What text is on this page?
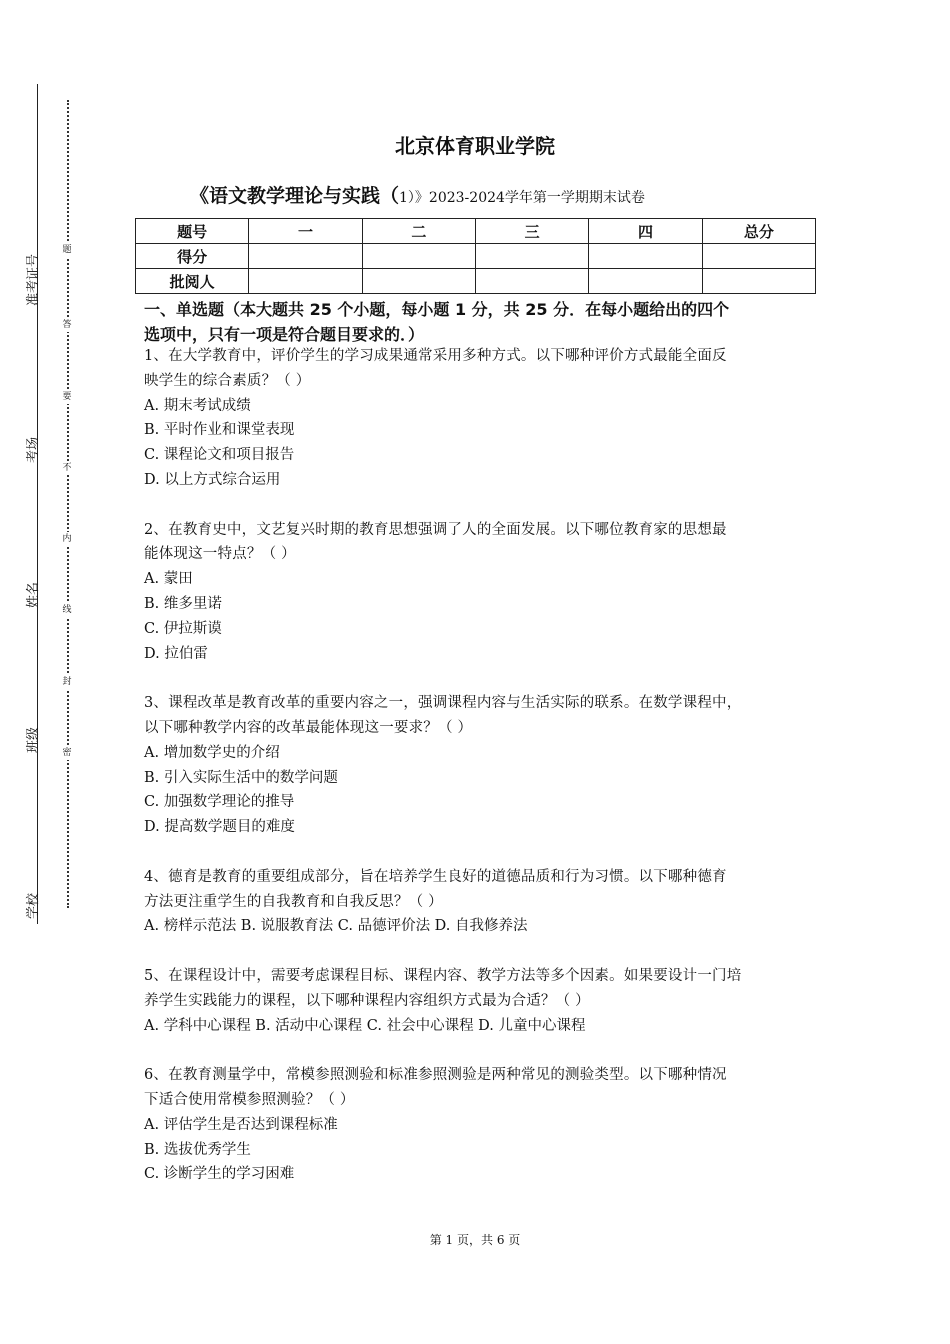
准考证号
考场
姓名
班级
学校
题
答
要
不
内
线
封
密
北京体育职业学院
《语文教学理论与实践（1）》2023-2024学年第一学期期末试卷
题号	一	二	三	四	总分
得分					
批阅人					
一、单选题（本大题共 25 个小题，每小题 1 分，共 25 分．在每小题给出的四个
选项中，只有一项是符合题目要求的．）

1、在大学教育中，评价学生的学习成果通常采用多种方式。以下哪种评价方式最能全面反

映学生的综合素质？（ ）

A. 期末考试成绩

B. 平时作业和课堂表现

C. 课程论文和项目报告

D. 以上方式综合运用

2、在教育史中，文艺复兴时期的教育思想强调了人的全面发展。以下哪位教育家的思想最

能体现这一特点？（ ）

A. 蒙田

B. 维多里诺

C. 伊拉斯谟

D. 拉伯雷

3、课程改革是教育改革的重要内容之一，强调课程内容与生活实际的联系。在数学课程中，

以下哪种教学内容的改革最能体现这一要求？（ ）

A. 增加数学史的介绍

B. 引入实际生活中的数学问题

C. 加强数学理论的推导

D. 提高数学题目的难度

4、德育是教育的重要组成部分，旨在培养学生良好的道德品质和行为习惯。以下哪种德育

方法更注重学生的自我教育和自我反思？（ ）

A. 榜样示范法 B. 说服教育法 C. 品德评价法 D. 自我修养法

5、在课程设计中，需要考虑课程目标、课程内容、教学方法等多个因素。如果要设计一门培

养学生实践能力的课程，以下哪种课程内容组织方式最为合适？（ ）

A. 学科中心课程 B. 活动中心课程 C. 社会中心课程 D. 儿童中心课程

6、在教育测量学中，常模参照测验和标准参照测验是两种常见的测验类型。以下哪种情况

下适合使用常模参照测验？（ ）

A. 评估学生是否达到课程标准

B. 选拔优秀学生

C. 诊断学生的学习困难

第 1 页，共 6 页
